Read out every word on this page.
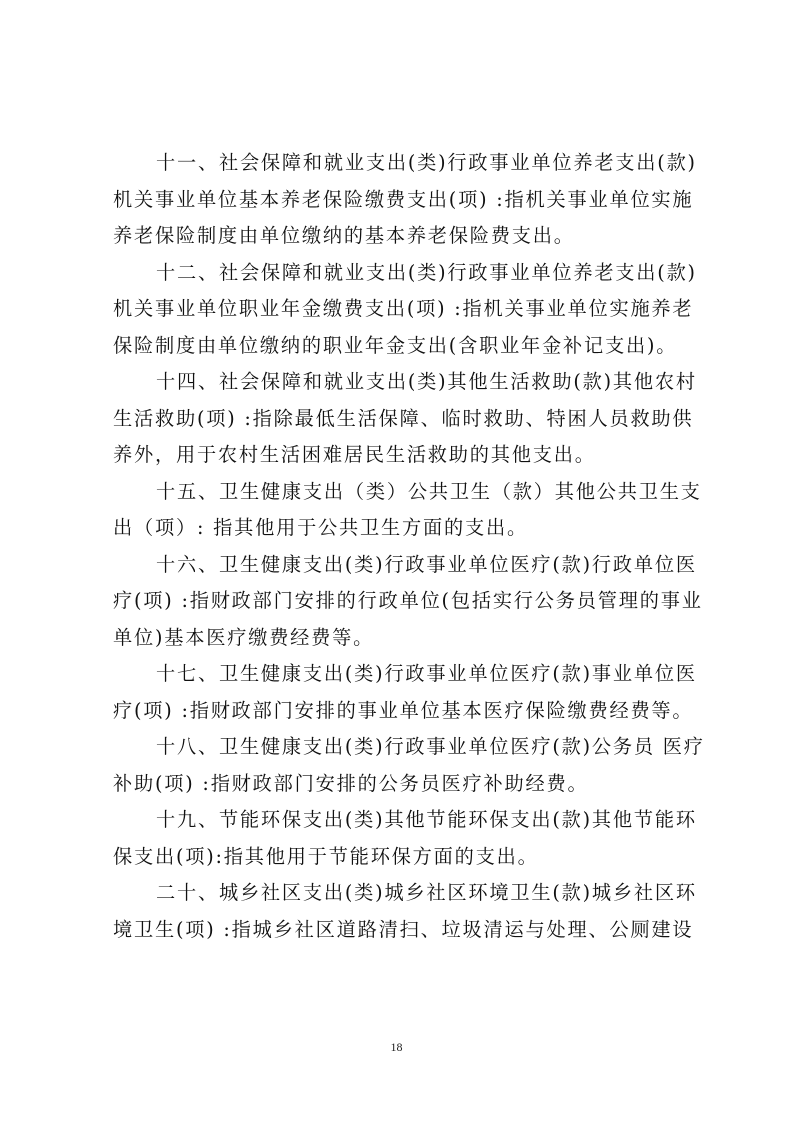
十一、社会保障和就业支出(类)行政事业单位养老支出(款)
机关事业单位基本养老保险缴费支出(项) :指机关事业单位实施
养老保险制度由单位缴纳的基本养老保险费支出。
十二、社会保障和就业支出(类)行政事业单位养老支出(款)
机关事业单位职业年金缴费支出(项) :指机关事业单位实施养老
保险制度由单位缴纳的职业年金支出(含职业年金补记支出)。
十四、社会保障和就业支出(类)其他生活救助(款)其他农村
生活救助(项) :指除最低生活保障、临时救助、特困人员救助供
养外，用于农村生活困难居民生活救助的其他支出。
十五、卫生健康支出（类）公共卫生（款）其他公共卫生支
出（项）: 指其他用于公共卫生方面的支出。
十六、卫生健康支出(类)行政事业单位医疗(款)行政单位医
疗(项) :指财政部门安排的行政单位(包括实行公务员管理的事业
单位)基本医疗缴费经费等。
十七、卫生健康支出(类)行政事业单位医疗(款)事业单位医
疗(项) :指财政部门安排的事业单位基本医疗保险缴费经费等。
十八、卫生健康支出(类)行政事业单位医疗(款)公务员 医疗
补助(项) :指财政部门安排的公务员医疗补助经费。
十九、节能环保支出(类)其他节能环保支出(款)其他节能环
保支出(项):指其他用于节能环保方面的支出。
二十、城乡社区支出(类)城乡社区环境卫生(款)城乡社区环
境卫生(项) :指城乡社区道路清扫、垃圾清运与处理、公厕建设
18
